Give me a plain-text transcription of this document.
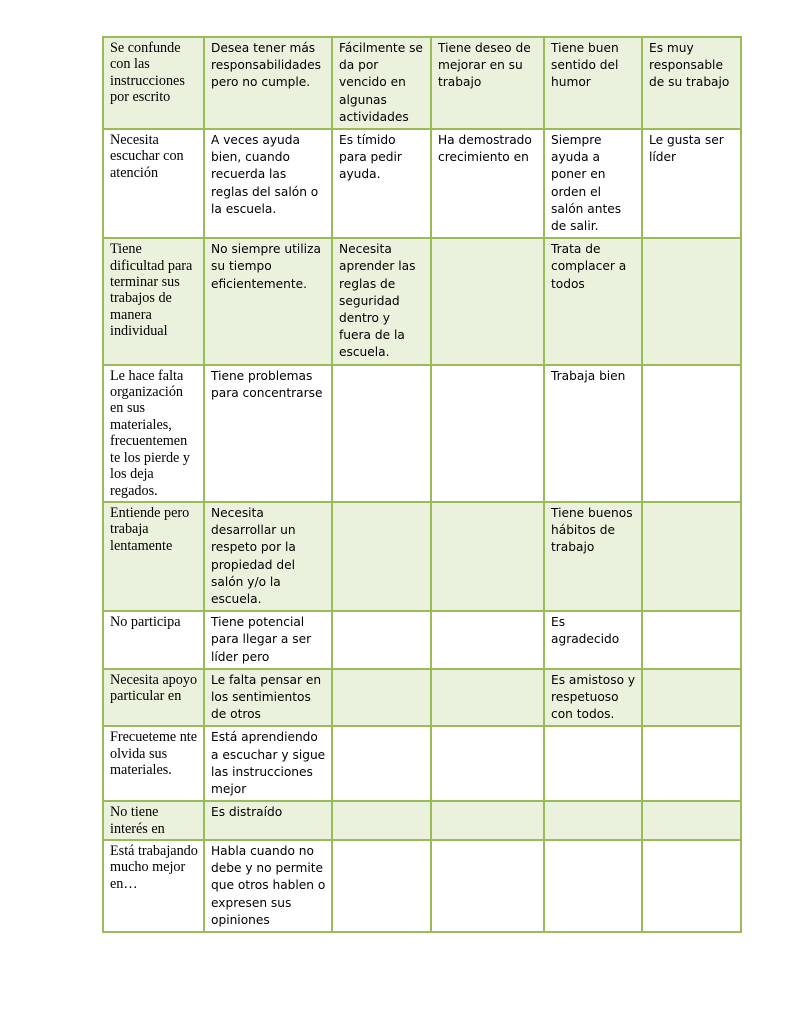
Se confunde con las instrucciones por escrito	Desea tener más responsabilidades pero no cumple.	Fácilmente se da por vencido en algunas actividades	Tiene deseo de mejorar en su trabajo	Tiene buen sentido del humor	Es muy responsable de su trabajo
Necesita escuchar con atención	A veces ayuda bien, cuando recuerda las reglas del salón o la escuela.	Es tímido para pedir ayuda.	Ha demostrado crecimiento en	Siempre ayuda a poner en orden el salón antes de salir.	Le gusta ser líder
Tiene dificultad para terminar sus trabajos de manera individual	No siempre utiliza su tiempo eficientemente.	Necesita aprender las reglas de seguridad dentro y fuera de la escuela.		Trata de complacer a todos	
Le hace falta organización en sus materiales, frecuentemen te los pierde y los deja regados.	Tiene problemas para concentrarse			Trabaja bien	
Entiende pero trabaja lentamente	Necesita desarrollar un respeto por la propiedad del salón y/o la escuela.			Tiene buenos hábitos de trabajo	
No participa	Tiene potencial para llegar a ser líder pero			Es agradecido	
Necesita apoyo particular en	Le falta pensar en los sentimientos de otros			Es amistoso y respetuoso con todos.	
Frecueteme nte olvida sus materiales.	Está aprendiendo a escuchar y sigue las instrucciones mejor				
No tiene interés en	Es distraído				
Está trabajando mucho mejor en…	Habla cuando no debe y no permite que otros hablen o expresen sus opiniones				
